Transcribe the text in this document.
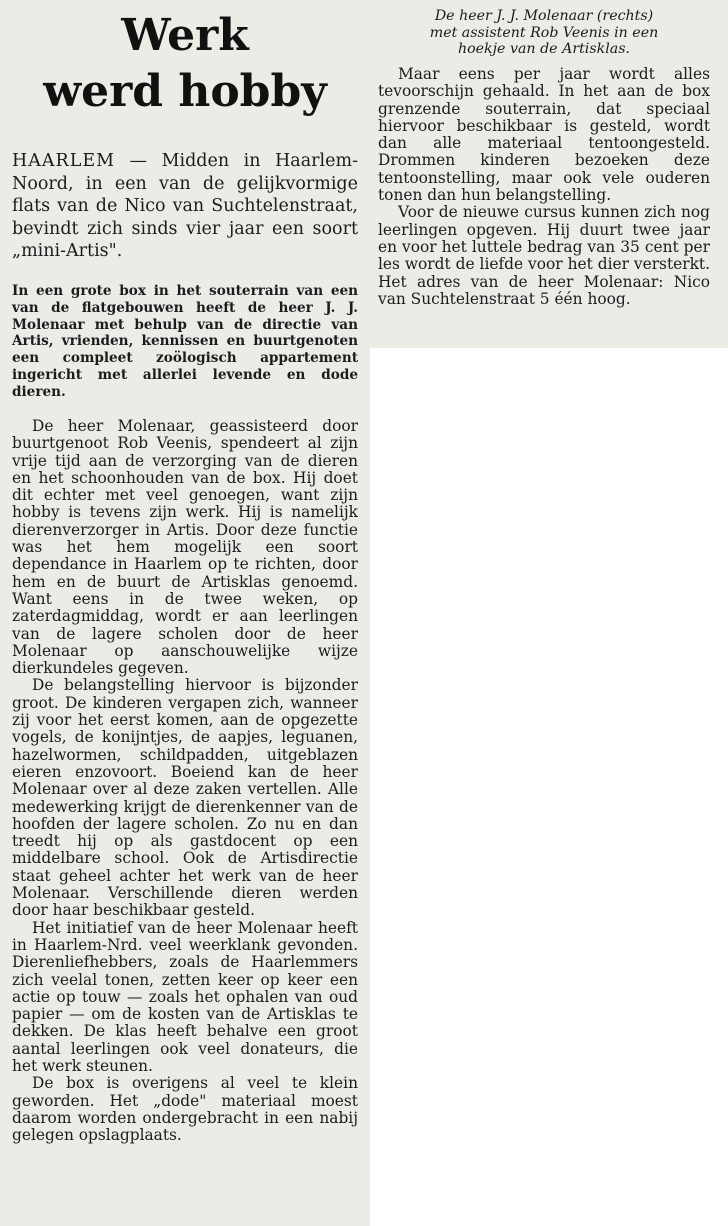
Werk
werd hobby
De heer J. J. Molenaar (rechts)
met assistent Rob Veenis in een
hoekje van de Artisklas.
HAARLEM — Midden in Haarlem-Noord, in een van de gelijkvormige flats van de Nico van Suchtelenstraat, bevindt zich sinds vier jaar een soort „mini-Artis".
In een grote box in het souterrain van een van de flatgebouwen heeft de heer J. J. Molenaar met behulp van de directie van Artis, vrienden, kennissen en buurtgenoten een compleet zoölogisch appartement ingericht met allerlei levende en dode dieren.

De heer Molenaar, geassisteerd door buurtgenoot Rob Veenis, spendeert al zijn vrije tijd aan de verzorging van de dieren en het schoonhouden van de box. Hij doet dit echter met veel genoegen, want zijn hobby is tevens zijn werk. Hij is namelijk dierenverzorger in Artis. Door deze functie was het hem mogelijk een soort dependance in Haarlem op te richten, door hem en de buurt de Artisklas genoemd. Want eens in de twee weken, op zaterdagmiddag, wordt er aan leerlingen van de lagere scholen door de heer Molenaar op aanschouwelijke wijze dierkundeles gegeven.

De belangstelling hiervoor is bijzonder groot. De kinderen vergapen zich, wanneer zij voor het eerst komen, aan de opgezette vogels, de konijntjes, de aapjes, leguanen, hazelwormen, schildpadden, uitgeblazen eieren enzovoort. Boeiend kan de heer Molenaar over al deze zaken vertellen. Alle medewerking krijgt de dierenkenner van de hoofden der lagere scholen. Zo nu en dan treedt hij op als gastdocent op een middelbare school. Ook de Artisdirectie staat geheel achter het werk van de heer Molenaar. Verschillende dieren werden door haar beschikbaar gesteld.

Het initiatief van de heer Molenaar heeft in Haarlem-Nrd. veel weerklank gevonden. Dierenliefhebbers, zoals de Haarlemmers zich veelal tonen, zetten keer op keer een actie op touw — zoals het ophalen van oud papier — om de kosten van de Artisklas te dekken. De klas heeft behalve een groot aantal leerlingen ook veel donateurs, die het werk steunen.

De box is overigens al veel te klein geworden. Het „dode" materiaal moest daarom worden ondergebracht in een nabij gelegen opslagplaats.

Maar eens per jaar wordt alles tevoorschijn gehaald. In het aan de box grenzende souterrain, dat speciaal hiervoor beschikbaar is gesteld, wordt dan alle materiaal tentoongesteld. Drommen kinderen bezoeken deze tentoonstelling, maar ook vele ouderen tonen dan hun belangstelling.

Voor de nieuwe cursus kunnen zich nog leerlingen opgeven. Hij duurt twee jaar en voor het luttele bedrag van 35 cent per les wordt de liefde voor het dier versterkt. Het adres van de heer Molenaar: Nico van Suchtelenstraat 5 één hoog.
